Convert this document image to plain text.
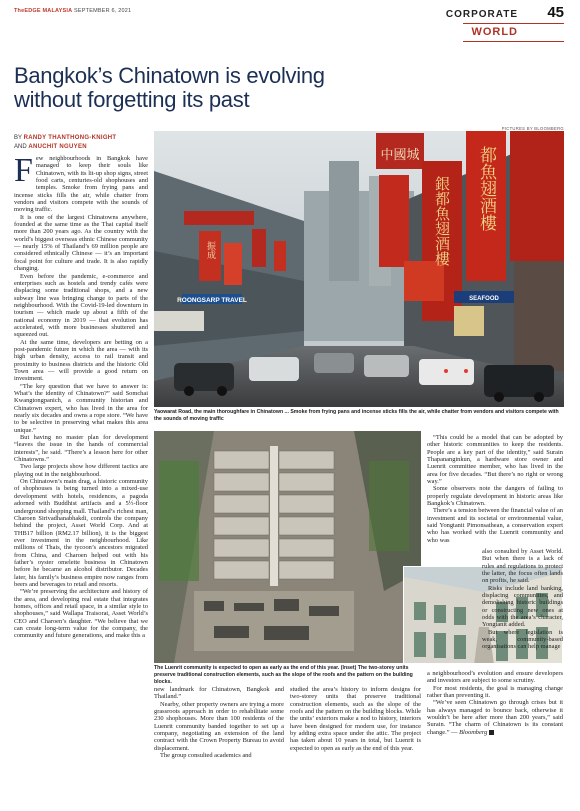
TheEDGE MALAYSIA SEPTEMBER 6, 2021	CORPORATE 45
WORLD
Bangkok’s Chinatown is evolving without forgetting its past
BY RANDY THANTHONG-KNIGHT
AND ANUCHIT NGUYEN
F ew neighbourhoods in Bangkok have managed to keep their souls like Chinatown, with its lit-up shop signs, street food carts, centuries-old shophouses and temples. Smoke from frying pans and incense sticks fills the air, while chatter from vendors and visitors compete with the sounds of moving traffic.

It is one of the largest Chinatowns anywhere, founded at the same time as the Thai capital itself more than 200 years ago. As the country with the world’s biggest overseas ethnic Chinese community — nearly 15% of Thailand’s 69 million people are considered ethnically Chinese — it’s an important focal point for culture and trade. It is also rapidly changing.

Even before the pandemic, e-commerce and enterprises such as hostels and trendy cafés were displacing some traditional shops, and a new subway line was bringing change to parts of the neighbourhood. With the Covid-19-led downturn in tourism — which made up about a fifth of the national economy in 2019 — that evolution has accelerated, with more businesses shuttered and squeezed out.

At the same time, developers are betting on a post-pandemic future in which the area — with its high urban density, access to rail transit and proximity to business districts and the historic Old Town area — will provide a good return on investment.

“The key question that we have to answer is: What’s the identity of Chinatown?” said Somchai Kwangtongpanich, a community historian and Chinatown expert, who has lived in the area for nearly six decades and owns a rope store. “We have to be selective in preserving what makes this area unique.”

But having no master plan for development “leaves the issue in the hands of commercial interests”, he said. “There’s a lesson here for other Chinatowns.”

Two large projects show how different tactics are playing out in the neighbourhood.

On Chinatown’s main drag, a historic community of shophouses is being turned into a mixed-use development with hotels, residences, a pagoda adorned with Buddhist artifacts and a 5½-floor underground shopping mall. Thailand’s richest man, Charoen Sirivadhanabhakdi, controls the company behind the project, Asset World Corp. And at THB17 billion (RM2.17 billion), it is the biggest ever investment in the neighbourhood. Like millions of Thais, the tycoon’s ancestors migrated from China, and Charoen helped out with his father’s oyster omelette business in Chinatown before he became an alcohol distributor. Decades later, his family’s business empire now ranges from beers and beverages to retail and resorts.

“We’re preserving the architecture and history of the area, and developing real estate that integrates homes, offices and retail space, in a similar style to shophouses,” said Wallapa Traisorat, Asset World’s CEO and Charoen’s daughter. “We believe that we can create long-term value for the company, the community and future generations, and make this a

PICTURES BY BLOOMBERG
中國城
銀都魚翅酒樓 都魚翅酒樓
振成
ROONGSARP TRAVEL	SEAFOOD
Yaowarat Road, the main thoroughfare in Chinatown ... Smoke from frying pans and incense sticks fills the air, while chatter from vendors and visitors compete with the sounds of moving traffic
The Luenrit community is expected to open as early as the end of this year. (Inset) The two-storey units preserve traditional construction elements, such as the slope of the roofs and the pattern on the building blocks.

“This could be a model that can be adopted by other historic communities to keep the residents. People are a key part of the identity,” said Surain Thapananginkun, a hardware store owner and Luenrit committee member, who has lived in the area for five decades. “But there’s no right or wrong way.”

Some observers note the dangers of failing to properly regulate development in historic areas like Bangkok’s Chinatown.

There’s a tension between the financial value of an investment and its societal or environmental value, said Yongtanit Pimonsathean, a conservation expert who has worked with the Luenrit community and who was

also consulted by Asset World. But when there is a lack of rules and regulations to protect the latter, the focus often lands on profits, he said.

Risks include land banking, displacing communities, and demolishing historic buildings or constructing new ones at odds with the area’s character, Yongtanit added.

But where legislation is weak, community-based organisations can help manage

a neighbourhood’s evolution and ensure developers and investors are subject to some scrutiny.

For most residents, the goal is managing change rather than preventing it.

“We’ve seen Chinatown go through crises but it has always managed to bounce back, otherwise it wouldn’t be here after more than 200 years,” said Surain. “The charm of Chinatown is its constant change.” — Bloomberg

new landmark for Chinatown, Bangkok and Thailand.”

Nearby, other property owners are trying a more grassroots approach in order to rehabilitate some 230 shophouses. More than 100 residents of the Luenrit community banded together to set up a company, negotiating an extension of the land contract with the Crown Property Bureau to avoid displacement.

The group consulted academics and

studied the area’s history to inform designs for two-storey units that preserve traditional construction elements, such as the slope of the roofs and the pattern on the building blocks. While the units’ exteriors make a nod to history, interiors have been designed for modern use, for instance by adding extra space under the attic. The project has taken about 10 years in total, but Luenrit is expected to open as early as the end of this year.
